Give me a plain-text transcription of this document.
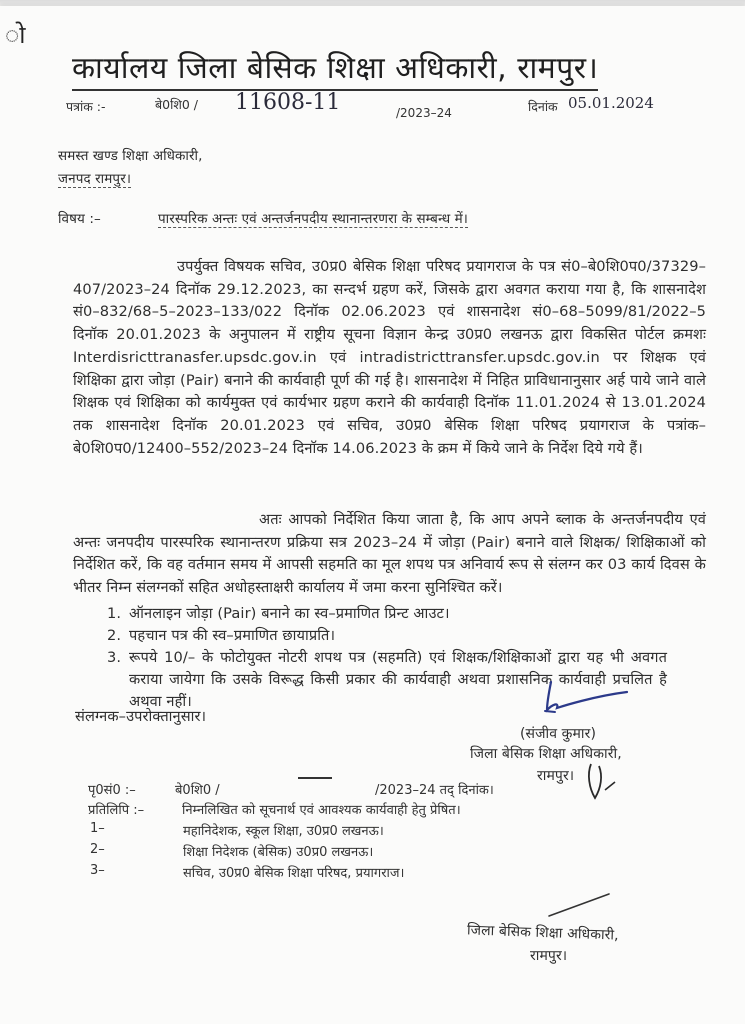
ो
कार्यालय जिला बेसिक शिक्षा अधिकारी, रामपुर।
पत्रांक :-	बे0शि0 / 11608-11	/2023–24	दिनांक 05.01.2024
समस्त खण्ड शिक्षा अधिकारी,
जनपद रामपुर।
विषय :–	पारस्परिक अन्तः एवं अन्तर्जनपदीय स्थानान्तरणरा के सम्बन्ध में।
उपर्युक्त विषयक सचिव, उ0प्र0 बेसिक शिक्षा परिषद प्रयागराज के पत्र सं0–बे0शि0प0/37329–407/2023–24 दिनॉक 29.12.2023, का सन्दर्भ ग्रहण करें, जिसके द्वारा अवगत कराया गया है, कि शासनादेश सं0–832/68–5–2023–133/022 दिनॉक 02.06.2023 एवं शासनादेश सं0–68–5099/81/2022–5 दिनॉक 20.01.2023 के अनुपालन में राष्ट्रीय सूचना विज्ञान केन्द्र उ0प्र0 लखनऊ द्वारा विकसित पोर्टल क्रमशः Interdisricttranasfer.upsdc.gov.in एवं intradistricttransfer.upsdc.gov.in पर शिक्षक एवं शिक्षिका द्वारा जोड़ा (Pair) बनाने की कार्यवाही पूर्ण की गई है। शासनादेश में निहित प्राविधानानुसार अर्ह पाये जाने वाले शिक्षक एवं शिक्षिका को कार्यमुक्त एवं कार्यभार ग्रहण कराने की कार्यवाही दिनॉक 11.01.2024 से 13.01.2024 तक शासनादेश दिनॉक 20.01.2023 एवं सचिव, उ0प्र0 बेसिक शिक्षा परिषद प्रयागराज के पत्रांक–बे0शि0प0/12400–552/2023–24 दिनॉक 14.06.2023 के क्रम में किये जाने के निर्देश दिये गये हैं।
अतः आपको निर्देशित किया जाता है, कि आप अपने ब्लाक के अन्तर्जनपदीय एवं अन्तः जनपदीय पारस्परिक स्थानान्तरण प्रक्रिया सत्र 2023–24 में जोड़ा (Pair) बनाने वाले शिक्षक/ शिक्षिकाओं को निर्देशित करें, कि वह वर्तमान समय में आपसी सहमति का मूल शपथ पत्र अनिवार्य रूप से संलग्न कर 03 कार्य दिवस के भीतर निम्न संलग्नकों सहित अधोहस्ताक्षरी कार्यालय में जमा करना सुनिश्चित करें।
1. ऑनलाइन जोड़ा (Pair) बनाने का स्व–प्रमाणित प्रिन्ट आउट।
2. पहचान पत्र की स्व–प्रमाणित छायाप्रति।
3. रूपये 10/– के फोटोयुक्त नोटरी शपथ पत्र (सहमति) एवं शिक्षक/शिक्षिकाओं द्वारा यह भी अवगत कराया जायेगा कि उसके विरूद्ध किसी प्रकार की कार्यवाही अथवा प्रशासनिक कार्यवाही प्रचलित है अथवा नहीं।
संलग्नक–उपरोक्तानुसार।
(संजीव कुमार)
जिला बेसिक शिक्षा अधिकारी,
रामपुर।
पृ0सं0 :–	बे0शि0 /	/2023–24 तद् दिनांक।
प्रतिलिपि :–	निम्नलिखित को सूचनार्थ एवं आवश्यक कार्यवाही हेतु प्रेषित।
1–	महानिदेशक, स्कूल शिक्षा, उ0प्र0 लखनऊ।
2–	शिक्षा निदेशक (बेसिक) उ0प्र0 लखनऊ।
3–	सचिव, उ0प्र0 बेसिक शिक्षा परिषद, प्रयागराज।
जिला बेसिक शिक्षा अधिकारी,
रामपुर।
